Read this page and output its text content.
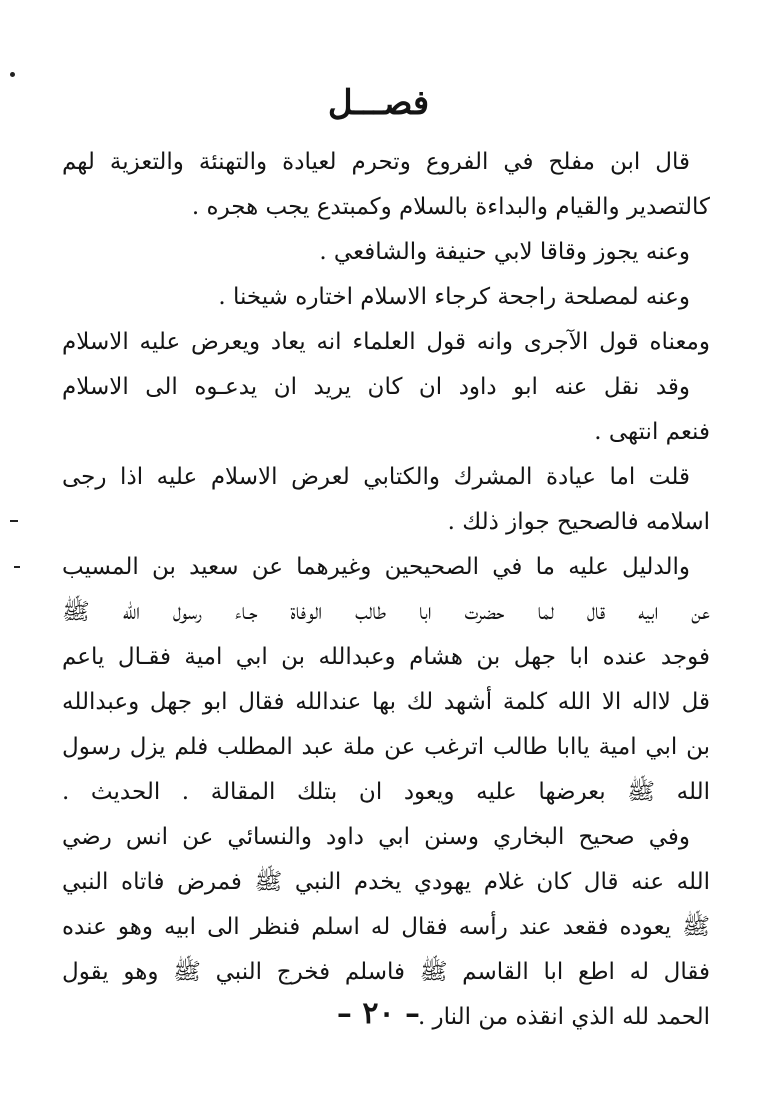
فصـــل
قال ابن مفلح في الفروع وتحرم لعيادة والتهنئة والتعزية لهم
كالتصدير والقيام والبداءة بالسلام وكمبتدع يجب هجره .
وعنه يجوز وقاقا لابي حنيفة والشافعي .
وعنه لمصلحة راجحة كرجاء الاسلام اختاره شيخنا .
ومعناه قول الآجرى وانه قول العلماء انه يعاد ويعرض عليه الاسلام
وقد نقل عنه ابو داود ان كان يريد ان يدعـوه الى الاسلام
فنعم انتهى .
قلت اما عيادة المشرك والكتابي لعرض الاسلام عليه اذا رجى
اسلامه فالصحيح جواز ذلك .
والدليل عليه ما في الصحيحين وغيرهما عن سعيد بن المسيب
عن ابيه قال لما حضرت ابا طالب الوفاة جـاء رسول الله ﷺ
فوجد عنده ابا جهل بن هشام وعبدالله بن ابي امية فقـال ياعم
قل لااله الا الله كلمة أشهد لك بها عندالله فقال ابو جهل وعبدالله
بن ابي امية ياابا طالب اترغب عن ملة عبد المطلب فلم يزل رسول
الله ﷺ بعرضها عليه ويعود ان بتلك المقالة . الحديث .
وفي صحيح البخاري وسنن ابي داود والنسائي عن انس رضي
الله عنه قال كان غلام يهودي يخدم النبي ﷺ فمرض فاتاه النبي
ﷺ يعوده فقعد عند رأسه فقال له اسلم فنظر الى ابيه وهو عنده
فقال له اطع ابا القاسم ﷺ فاسلم فخرج النبي ﷺ وهو يقول
الحمد لله الذي انقذه من النار .
– ٢٠ –
